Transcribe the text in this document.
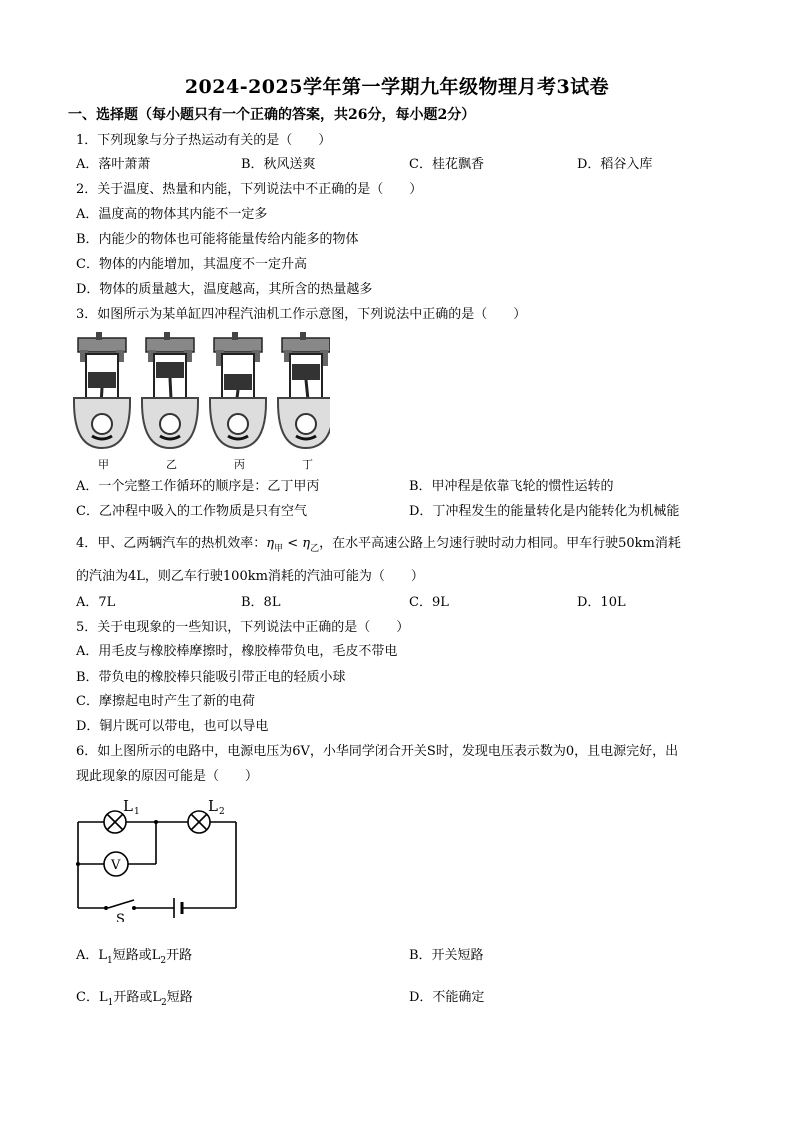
2024-2025学年第一学期九年级物理月考3试卷
一、选择题（每小题只有一个正确的答案，共26分，每小题2分）
1．下列现象与分子热运动有关的是（　　）
A．落叶萧萧	B．秋风送爽	C．桂花飘香	D．稻谷入库
2．关于温度、热量和内能，下列说法中不正确的是（　　）
A．温度高的物体其内能不一定多
B．内能少的物体也可能将能量传给内能多的物体
C．物体的内能增加，其温度不一定升高
D．物体的质量越大，温度越高，其所含的热量越多
3．如图所示为某单缸四冲程汽油机工作示意图，下列说法中正确的是（　　）
甲	乙	丙	丁
A．一个完整工作循环的顺序是：乙丁甲丙	B．甲冲程是依靠飞轮的惯性运转的
C．乙冲程中吸入的工作物质是只有空气	D．丁冲程发生的能量转化是内能转化为机械能
4．甲、乙两辆汽车的热机效率：$\eta_甲 < \eta_乙$，在水平高速公路上匀速行驶时动力相同。甲车行驶50km消耗
的汽油为4L，则乙车行驶100km消耗的汽油可能为（　　）
A．7L	B．8L	C．9L	D．10L
5．关于电现象的一些知识，下列说法中正确的是（　　）
A．用毛皮与橡胶棒摩擦时，橡胶棒带负电，毛皮不带电
B．带负电的橡胶棒只能吸引带正电的轻质小球
C．摩擦起电时产生了新的电荷
D．铜片既可以带电，也可以导电
6．如上图所示的电路中，电源电压为6V，小华同学闭合开关S时，发现电压表示数为0，且电源完好，出
现此现象的原因可能是（　　）
L 1	L 2
V
S
A．$L_1$短路或$L_2$开路	B．开关短路
C．$L_1$开路或$L_2$短路	D．不能确定
